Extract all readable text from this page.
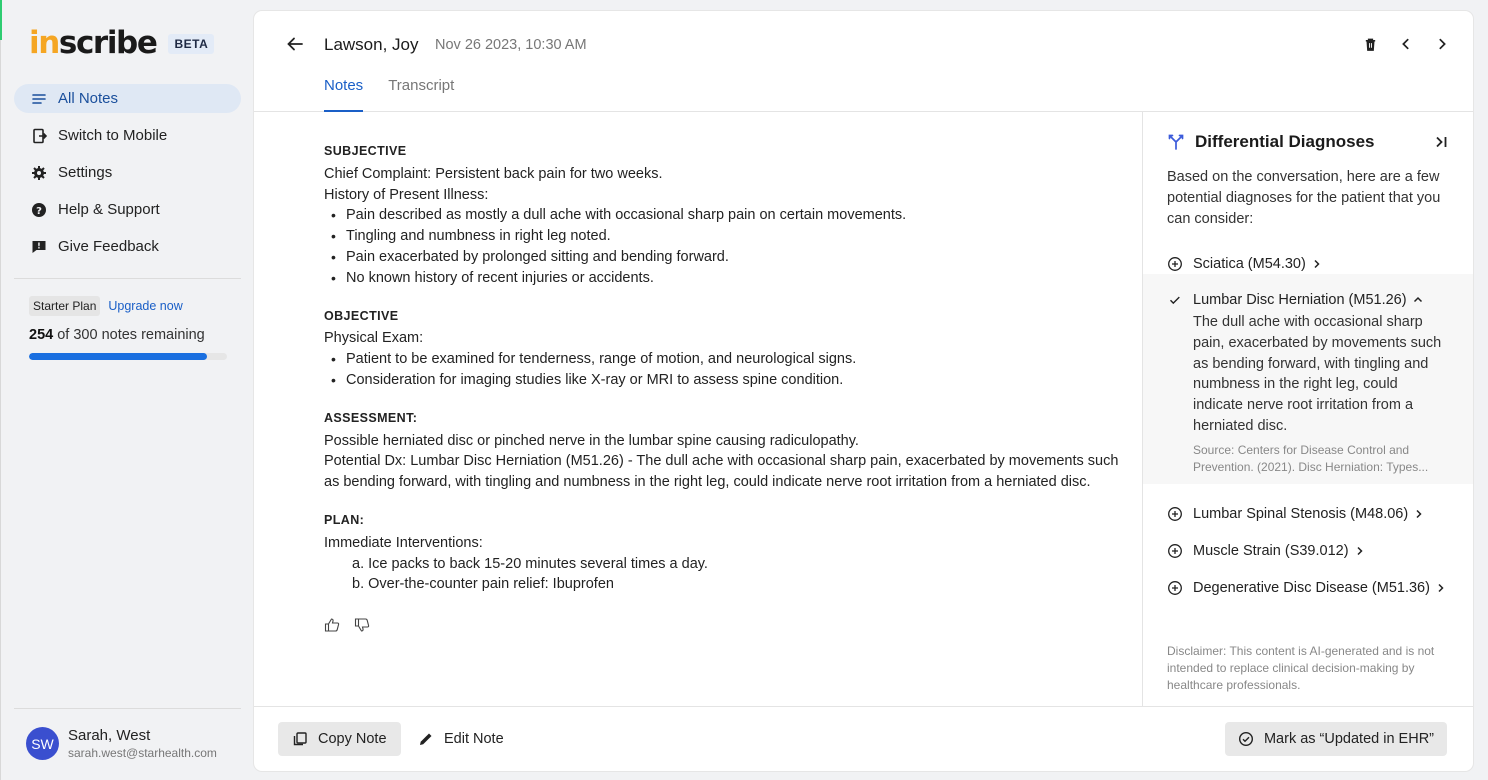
inscribe	BETA
All Notes
Switch to Mobile
Settings
? Help & Support
! Give Feedback
Starter Plan Upgrade now
254 of 300 notes remaining
SW Sarah, West
sarah.west@starhealth.com
Lawson, Joy Nov 26 2023, 10:30 AM
Notes Transcript
SUBJECTIVE
Chief Complaint: Persistent back pain for two weeks.
History of Present Illness:
• Pain described as mostly a dull ache with occasional sharp pain on certain movements.
• Tingling and numbness in right leg noted.
• Pain exacerbated by prolonged sitting and bending forward.
• No known history of recent injuries or accidents.
OBJECTIVE
Physical Exam:
• Patient to be examined for tenderness, range of motion, and neurological signs.
• Consideration for imaging studies like X-ray or MRI to assess spine condition.
ASSESSMENT:
Possible herniated disc or pinched nerve in the lumbar spine causing radiculopathy.
Potential Dx: Lumbar Disc Herniation (M51.26) - The dull ache with occasional sharp pain, exacerbated by movements such as bending forward, with tingling and numbness in the right leg, could indicate nerve root irritation from a herniated disc.
PLAN:
Immediate Interventions:
a. Ice packs to back 15-20 minutes several times a day.
b. Over-the-counter pain relief: Ibuprofen
Differential Diagnoses
Based on the conversation, here are a few potential diagnoses for the patient that you can consider:
Sciatica (M54.30)
Lumbar Disc Herniation (M51.26)
The dull ache with occasional sharp pain, exacerbated by movements such as bending forward, with tingling and numbness in the right leg, could indicate nerve root irritation from a herniated disc.
Source: Centers for Disease Control and Prevention. (2021). Disc Herniation: Types...
Lumbar Spinal Stenosis (M48.06)
Muscle Strain (S39.012)
Degenerative Disc Disease (M51.36)
Disclaimer: This content is AI-generated and is not intended to replace clinical decision-making by healthcare professionals.
Copy Note	Edit Note	Mark as “Updated in EHR”
